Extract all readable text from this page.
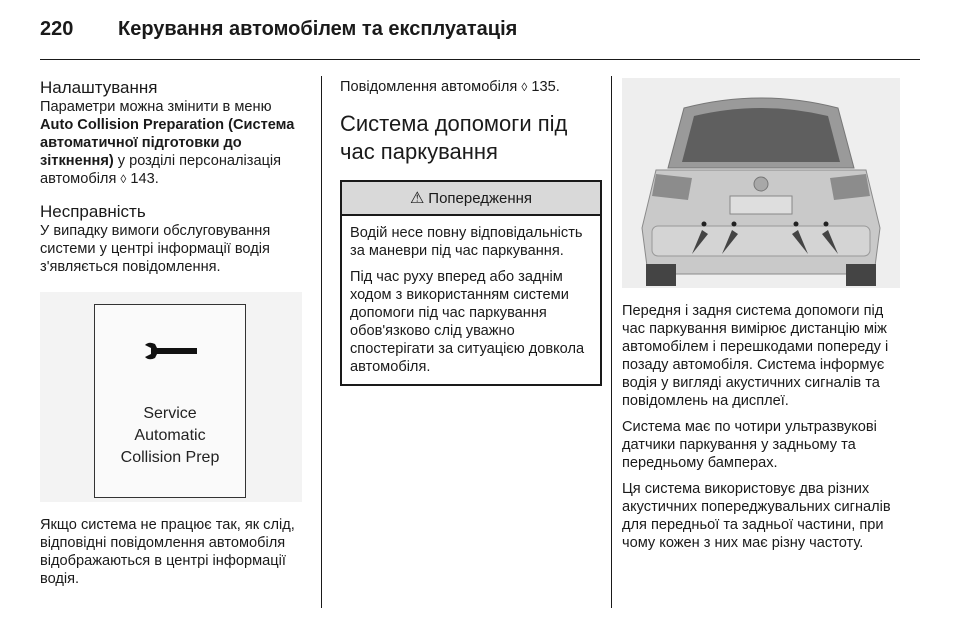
220	Керування автомобілем та експлуатація
Налаштування

Параметри можна змінити в меню Auto Collision Preparation (Система автоматичної підготовки до зіткнення) у розділі персоналізація автомобіля ◊ 143.

Несправність

У випадку вимоги обслуговування системи у центрі інформації водія з'являється повідомлення.

Service
Automatic
Collision Prep

Якщо система не працює так, як слід, відповідні повідомлення автомобіля відображаються в центрі інформації водія.

Повідомлення автомобіля ◊ 135.

Система допомоги під час паркування
⚠ Попередження

Водій несе повну відповідальність за маневри під час паркування.

Під час руху вперед або заднім ходом з використанням системи допомоги під час паркування обов'язково слід уважно спостерігати за ситуацією довкола автомобіля.

Передня і задня система допомоги під час паркування вимірює дистанцію між автомобілем і перешкодами попереду і позаду автомобіля. Система інформує водія у вигляді акустичних сигналів та повідомлень на дисплеї.

Система має по чотири ультразвукові датчики паркування у задньому та передньому бамперах.

Ця система використовує два різних акустичних попереджувальних сигналів для передньої та задньої частини, при чому кожен з них має різну частоту.
